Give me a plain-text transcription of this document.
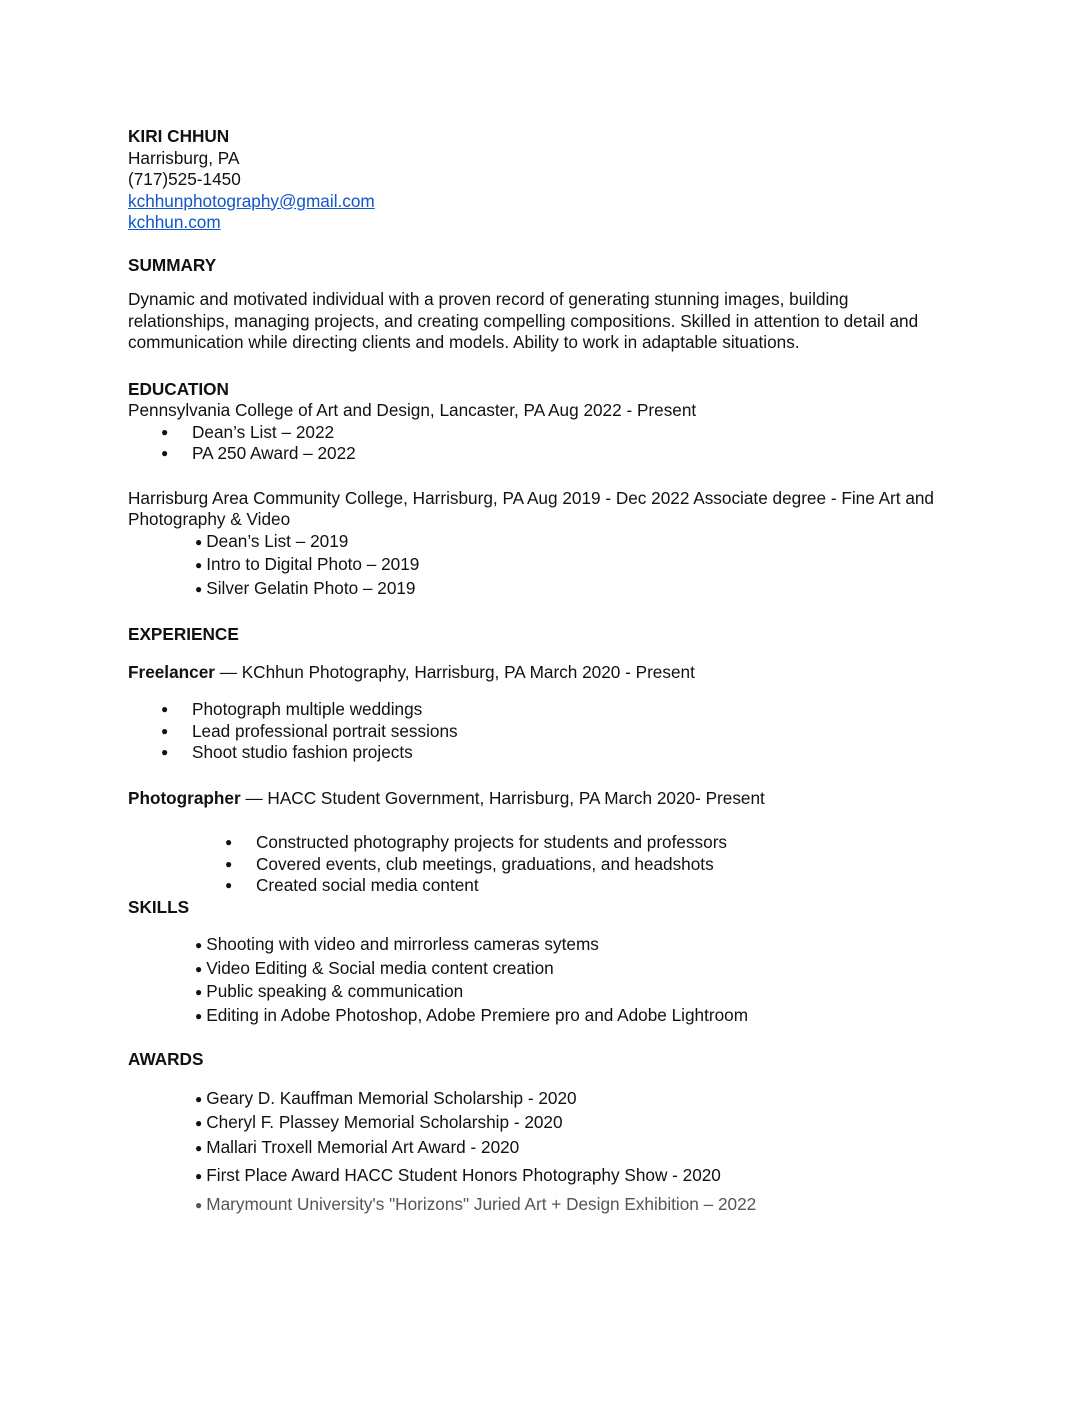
KIRI CHHUN
Harrisburg, PA
(717)525-1450
kchhunphotography@gmail.com
kchhun.com
SUMMARY

Dynamic and motivated individual with a proven record of generating stunning images, building relationships, managing projects, and creating compelling compositions. Skilled in attention to detail and communication while directing clients and models. Ability to work in adaptable situations.

EDUCATION
Pennsylvania College of Art and Design, Lancaster, PA Aug 2022 - Present
● Dean’s List – 2022
● PA 250 Award – 2022

Harrisburg Area Community College, Harrisburg, PA Aug 2019 - Dec 2022 Associate degree - Fine Art and Photography & Video

● Dean’s List – 2019
● Intro to Digital Photo – 2019
● Silver Gelatin Photo – 2019
EXPERIENCE
Freelancer — KChhun Photography, Harrisburg, PA March 2020 - Present
● Photograph multiple weddings
● Lead professional portrait sessions
● Shoot studio fashion projects
Photographer — HACC Student Government, Harrisburg, PA March 2020- Present
● Constructed photography projects for students and professors
● Covered events, club meetings, graduations, and headshots
● Created social media content
SKILLS
● Shooting with video and mirrorless cameras sytems
● Video Editing & Social media content creation
● Public speaking & communication
● Editing in Adobe Photoshop, Adobe Premiere pro and Adobe Lightroom
AWARDS
● Geary D. Kauffman Memorial Scholarship - 2020
● Cheryl F. Plassey Memorial Scholarship - 2020
● Mallari Troxell Memorial Art Award - 2020
● First Place Award HACC Student Honors Photography Show - 2020
● Marymount University's "Horizons" Juried Art + Design Exhibition – 2022
